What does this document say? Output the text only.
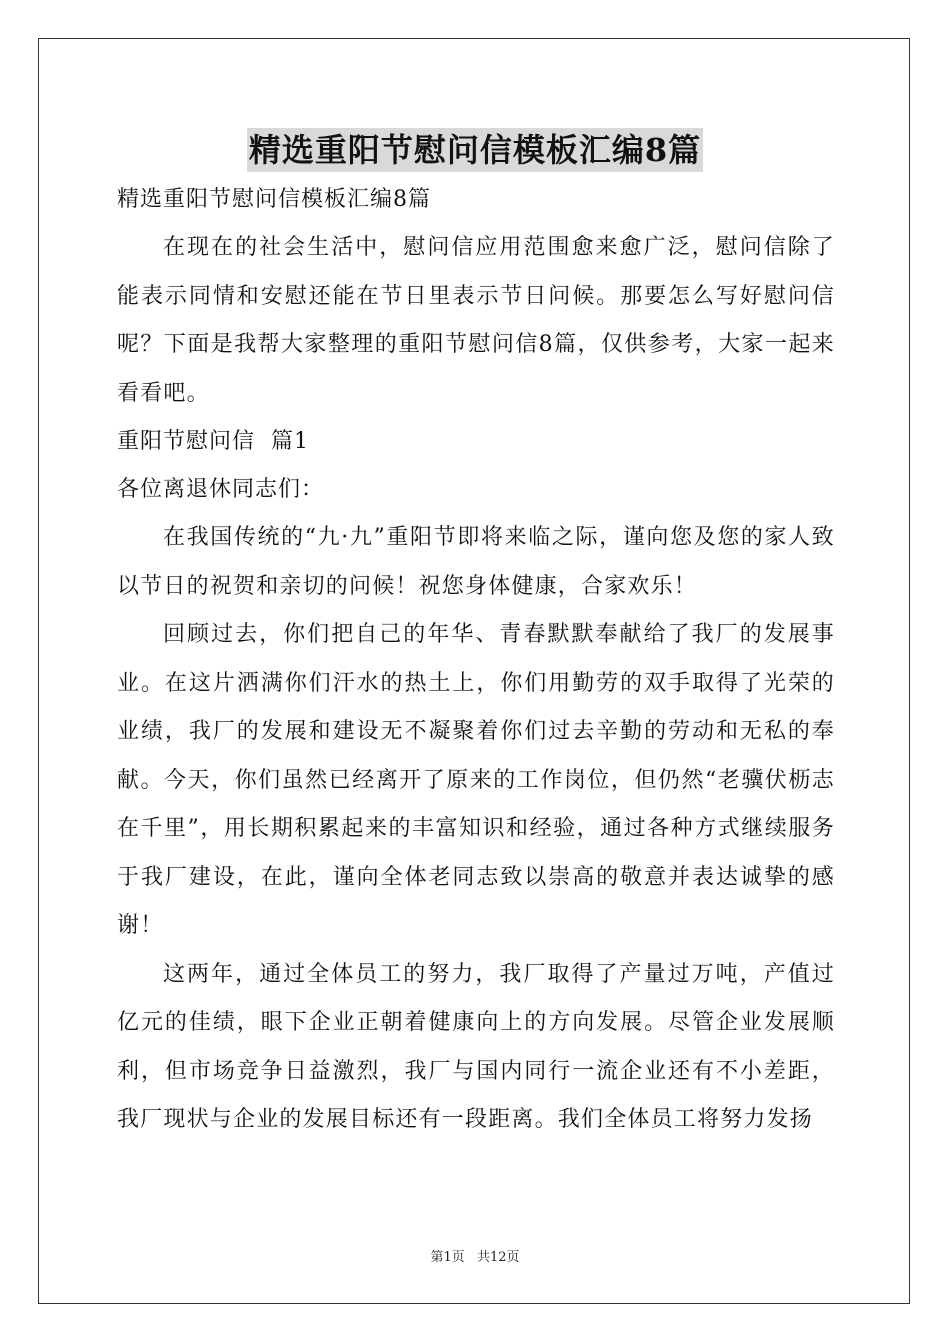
精选重阳节慰问信模板汇编8篇
精选重阳节慰问信模板汇编8篇

在现在的社会生活中，慰问信应用范围愈来愈广泛，慰问信除了能表示同情和安慰还能在节日里表示节日问候。那要怎么写好慰问信呢？下面是我帮大家整理的重阳节慰问信8篇，仅供参考，大家一起来看看吧。

重阳节慰问信  篇1
各位离退休同志们：

在我国传统的“九·九”重阳节即将来临之际，谨向您及您的家人致以节日的祝贺和亲切的问候！祝您身体健康，合家欢乐！

回顾过去，你们把自己的年华、青春默默奉献给了我厂的发展事业。在这片洒满你们汗水的热土上，你们用勤劳的双手取得了光荣的业绩，我厂的发展和建设无不凝聚着你们过去辛勤的劳动和无私的奉献。今天，你们虽然已经离开了原来的工作岗位，但仍然“老骥伏枥志在千里”，用长期积累起来的丰富知识和经验，通过各种方式继续服务于我厂建设，在此，谨向全体老同志致以崇高的敬意并表达诚挚的感谢！

这两年，通过全体员工的努力，我厂取得了产量过万吨，产值过亿元的佳绩，眼下企业正朝着健康向上的方向发展。尽管企业发展顺利，但市场竞争日益激烈，我厂与国内同行一流企业还有不小差距，我厂现状与企业的发展目标还有一段距离。我们全体员工将努力发扬

第1页 共12页
